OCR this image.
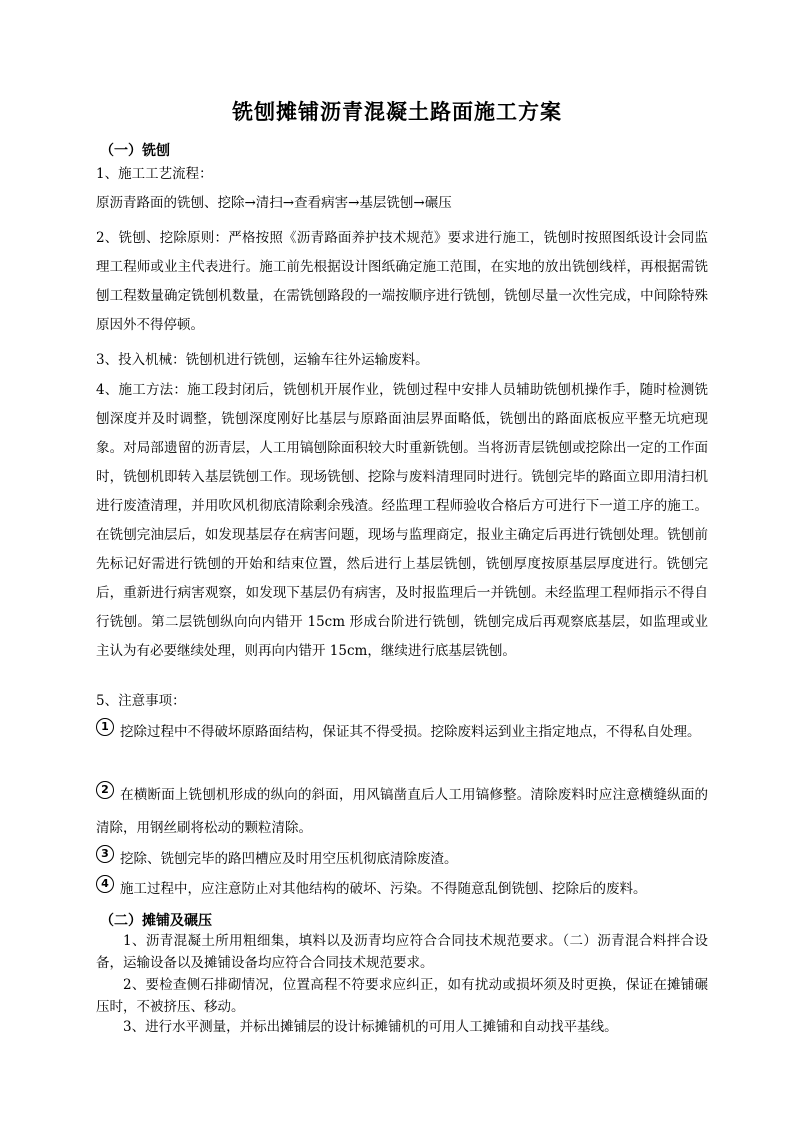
铣刨摊铺沥青混凝土路面施工方案
（一）铣刨

1、施工工艺流程：

原沥青路面的铣刨、挖除→清扫→查看病害→基层铣刨→碾压

2、铣刨、挖除原则：严格按照《沥青路面养护技术规范》要求进行施工，铣刨时按照图纸设计会同监理工程师或业主代表进行。施工前先根据设计图纸确定施工范围，在实地的放出铣刨线样，再根据需铣刨工程数量确定铣刨机数量，在需铣刨路段的一端按顺序进行铣刨，铣刨尽量一次性完成，中间除特殊原因外不得停顿。

3、投入机械：铣刨机进行铣刨，运输车往外运输废料。

4、施工方法：施工段封闭后，铣刨机开展作业，铣刨过程中安排人员辅助铣刨机操作手，随时检测铣刨深度并及时调整，铣刨深度刚好比基层与原路面油层界面略低，铣刨出的路面底板应平整无坑疤现象。对局部遗留的沥青层，人工用镐刨除面积较大时重新铣刨。当将沥青层铣刨或挖除出一定的工作面时，铣刨机即转入基层铣刨工作。现场铣刨、挖除与废料清理同时进行。铣刨完毕的路面立即用清扫机进行废渣清理，并用吹风机彻底清除剩余残渣。经监理工程师验收合格后方可进行下一道工序的施工。在铣刨完油层后，如发现基层存在病害问题，现场与监理商定，报业主确定后再进行铣刨处理。铣刨前先标记好需进行铣刨的开始和结束位置，然后进行上基层铣刨，铣刨厚度按原基层厚度进行。铣刨完后，重新进行病害观察，如发现下基层仍有病害，及时报监理后一并铣刨。未经监理工程师指示不得自行铣刨。第二层铣刨纵向向内错开 15cm 形成台阶进行铣刨，铣刨完成后再观察底基层，如监理或业主认为有必要继续处理，则再向内错开 15cm，继续进行底基层铣刨。

5、注意事项：

1 挖除过程中不得破坏原路面结构，保证其不得受损。挖除废料运到业主指定地点，不得私自处理。

2 在横断面上铣刨机形成的纵向的斜面，用风镐凿直后人工用镐修整。清除废料时应注意横缝纵面的清除，用钢丝刷将松动的颗粒清除。

3 挖除、铣刨完毕的路凹槽应及时用空压机彻底清除废渣。

4 施工过程中，应注意防止对其他结构的破坏、污染。不得随意乱倒铣刨、挖除后的废料。

（二）摊铺及碾压

1、沥青混凝土所用粗细集，填料以及沥青均应符合合同技术规范要求。（二）沥青混合料拌合设备，运输设备以及摊铺设备均应符合合同技术规范要求。

2、要检查侧石排砌情况，位置高程不符要求应纠正，如有扰动或损坏须及时更换，保证在摊铺碾压时，不被挤压、移动。

3、进行水平测量，并标出摊铺层的设计标摊铺机的可用人工摊铺和自动找平基线。
